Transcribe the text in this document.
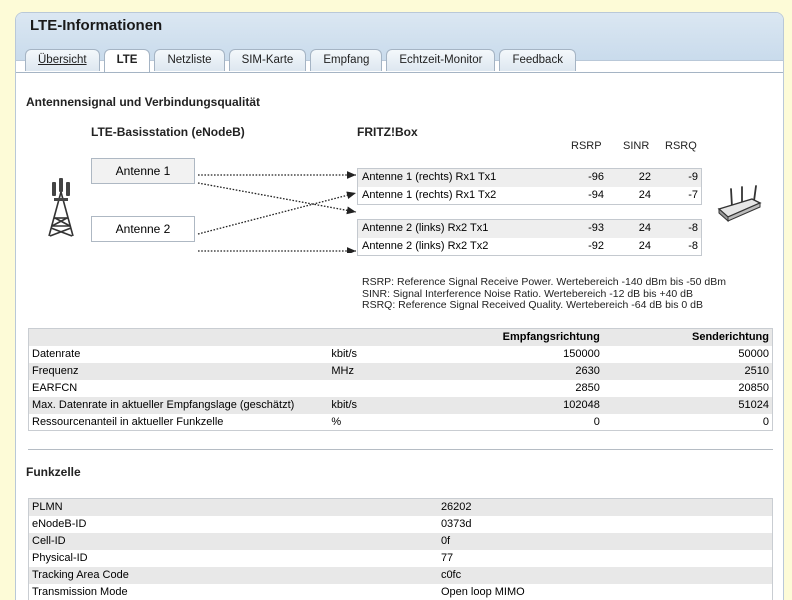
LTE-Informationen
Übersicht	LTE	Netzliste	SIM-Karte	Empfang	Echtzeit-Monitor	Feedback
Antennensignal und Verbindungsqualität
LTE-Basisstation (eNodeB)	FRITZ!Box
RSRP SINR RSRQ
Antenne 1
Antenne 2
Antenne 1 (rechts) Rx1 Tx1	-96	22	-9
Antenne 1 (rechts) Rx1 Tx2	-94	24	-7
Antenne 2 (links) Rx2 Tx1	-93	24	-8
Antenne 2 (links) Rx2 Tx2	-92	24	-8
RSRP: Reference Signal Receive Power. Wertebereich -140 dBm bis -50 dBm
SINR: Signal Interference Noise Ratio. Wertebereich -12 dB bis +40 dB
RSRQ: Reference Signal Received Quality. Wertebereich -64 dB bis 0 dB
		Empfangsrichtung	Senderichtung
Datenrate	kbit/s	150000	50000
Frequenz	MHz	2630	2510
EARFCN		2850	20850
Max. Datenrate in aktueller Empfangslage (geschätzt)	kbit/s	102048	51024
Ressourcenanteil in aktueller Funkzelle	%	0	0
Funkzelle
PLMN	26202
eNodeB-ID	0373d
Cell-ID	0f
Physical-ID	77
Tracking Area Code	c0fc
Transmission Mode	Open loop MIMO
